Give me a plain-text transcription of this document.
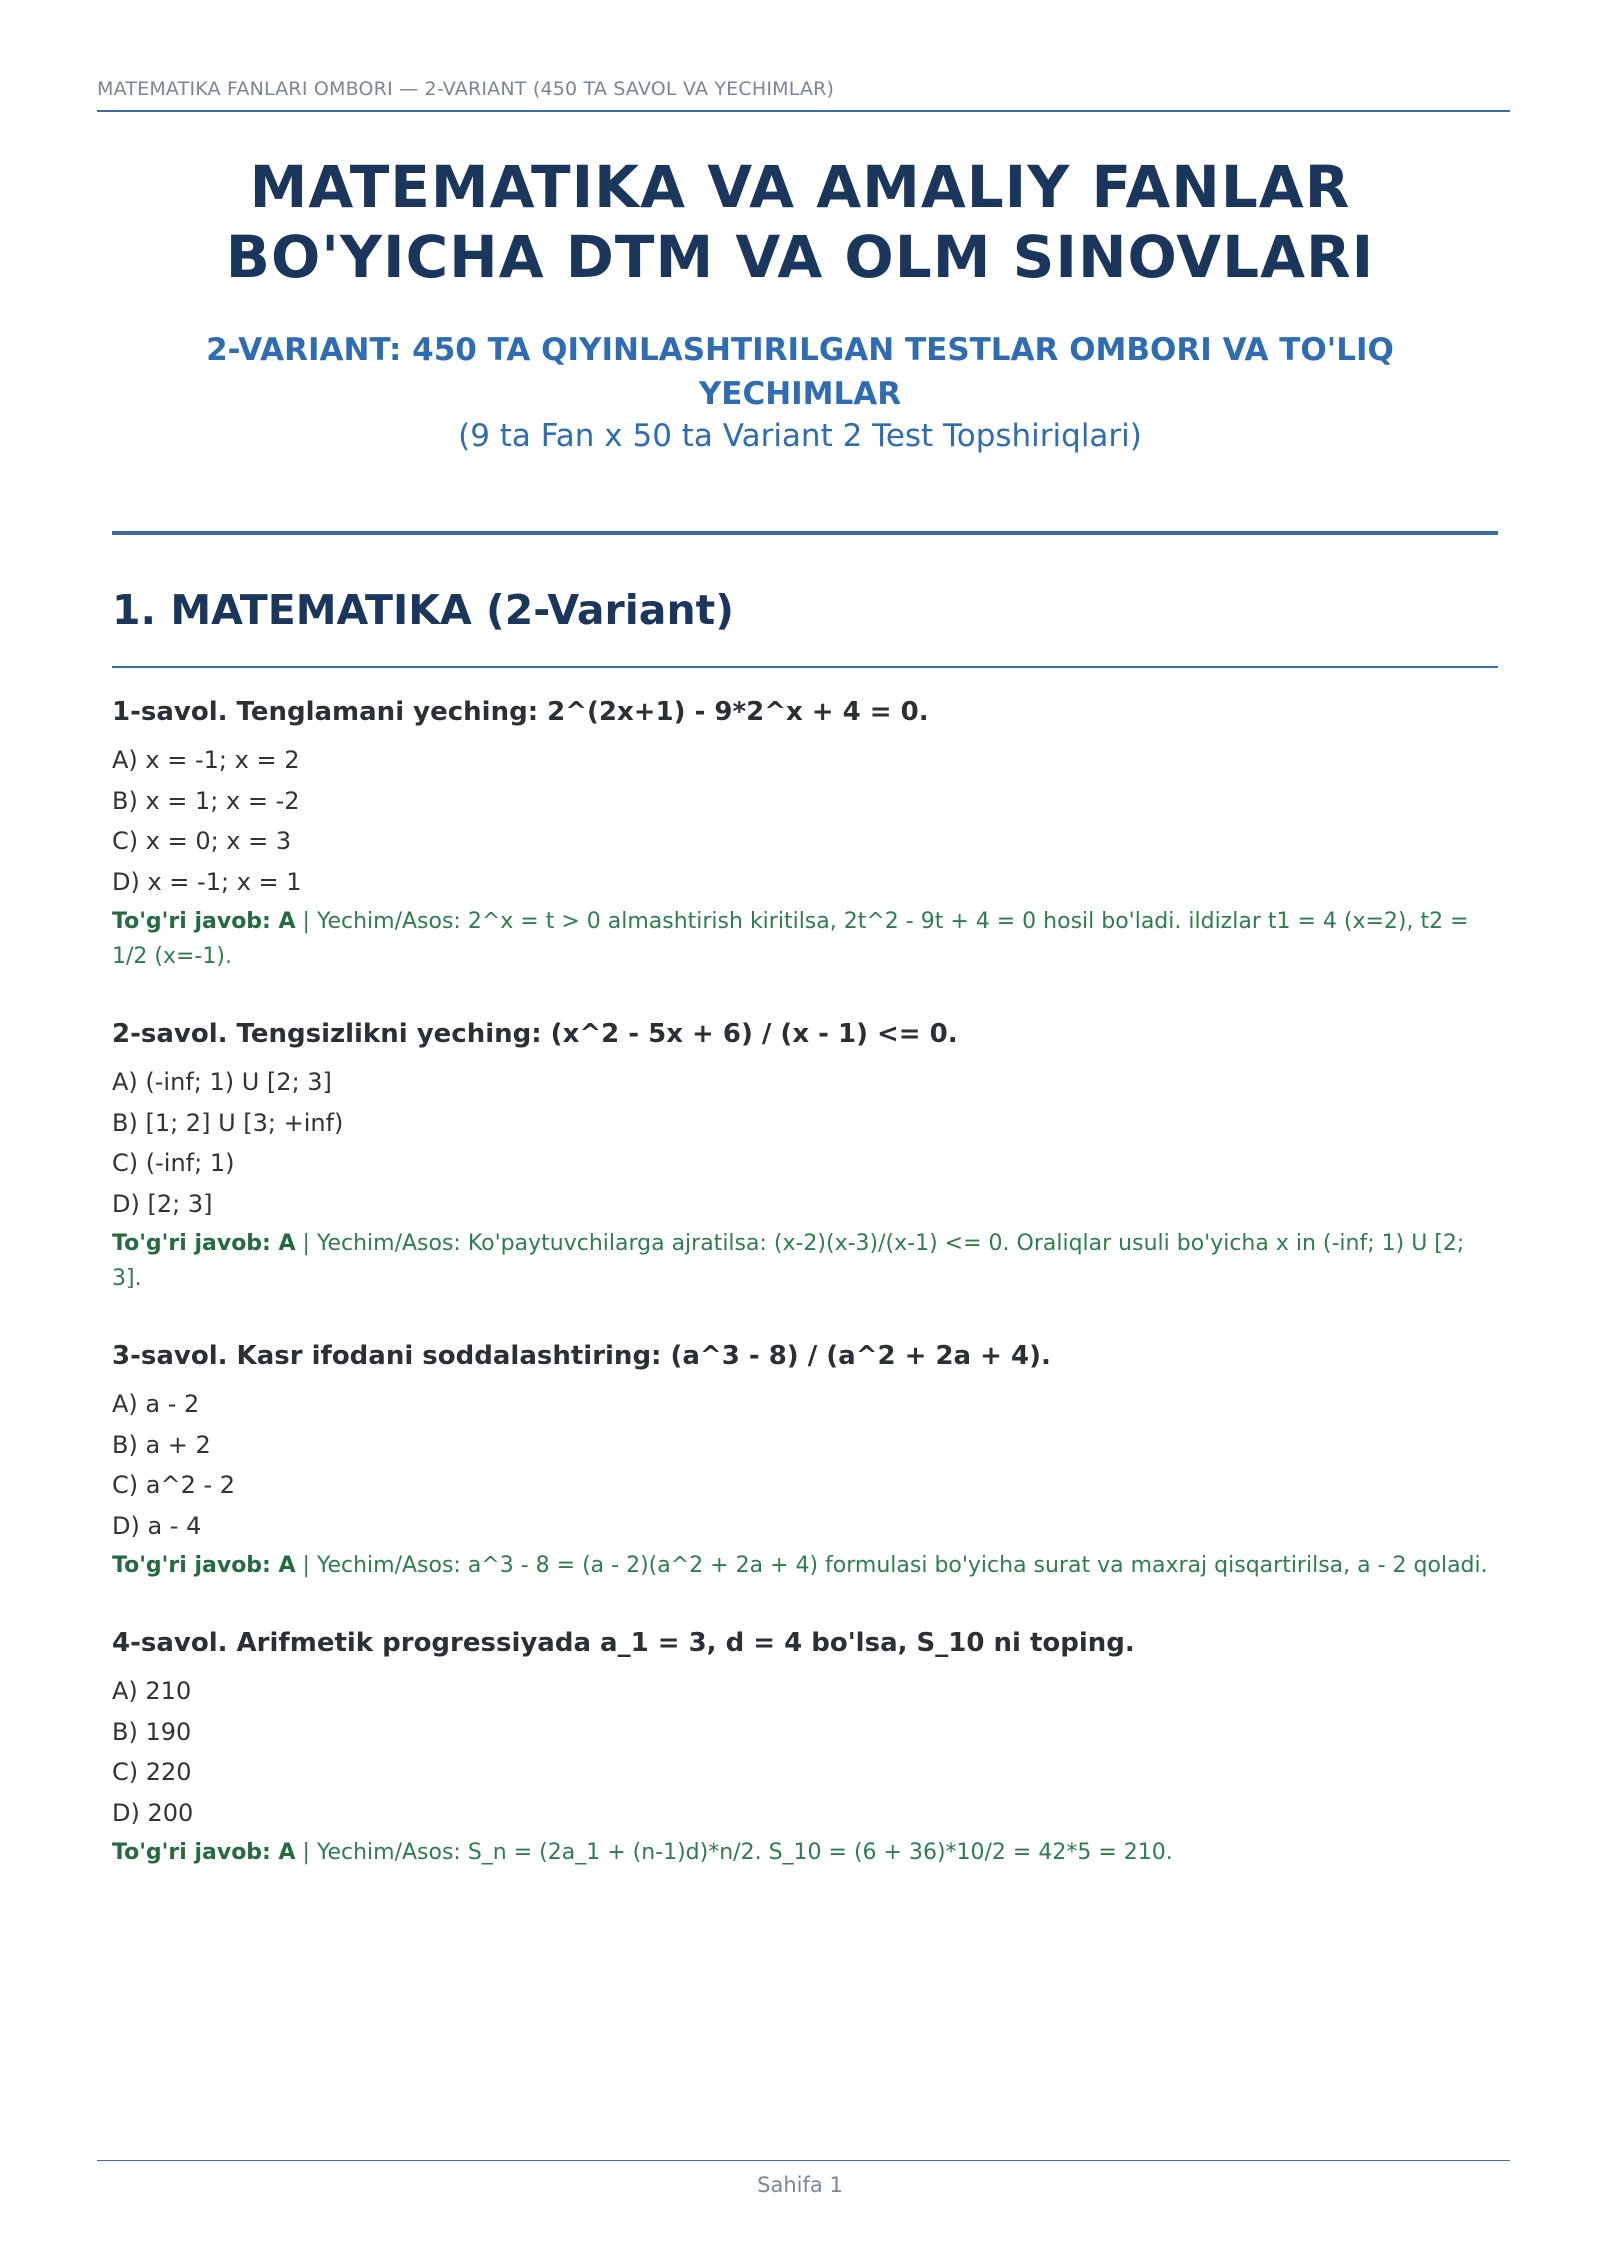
MATEMATIKA FANLARI OMBORI — 2-VARIANT (450 TA SAVOL VA YECHIMLAR)
MATEMATIKA VA AMALIY FANLAR
BO'YICHA DTM VA OLM SINOVLARI
2-VARIANT: 450 TA QIYINLASHTIRILGAN TESTLAR OMBORI VA TO'LIQ YECHIMLAR
(9 ta Fan x 50 ta Variant 2 Test Topshiriqlari)
1. MATEMATIKA (2-Variant)
1-savol. Tenglamani yeching: 2^(2x+1) - 9*2^x + 4 = 0.
A) x = -1; x = 2
B) x = 1; x = -2
C) x = 0; x = 3
D) x = -1; x = 1
To'g'ri javob: A | Yechim/Asos: 2^x = t > 0 almashtirish kiritilsa, 2t^2 - 9t + 4 = 0 hosil bo'ladi. ildizlar t1 = 4 (x=2), t2 = 1/2 (x=-1).
2-savol. Tengsizlikni yeching: (x^2 - 5x + 6) / (x - 1) <= 0.
A) (-inf; 1) U [2; 3]
B) [1; 2] U [3; +inf)
C) (-inf; 1)
D) [2; 3]
To'g'ri javob: A | Yechim/Asos: Ko'paytuvchilarga ajratilsa: (x-2)(x-3)/(x-1) <= 0. Oraliqlar usuli bo'yicha x in (-inf; 1) U [2; 3].
3-savol. Kasr ifodani soddalashtiring: (a^3 - 8) / (a^2 + 2a + 4).
A) a - 2
B) a + 2
C) a^2 - 2
D) a - 4
To'g'ri javob: A | Yechim/Asos: a^3 - 8 = (a - 2)(a^2 + 2a + 4) formulasi bo'yicha surat va maxraj qisqartirilsa, a - 2 qoladi.
4-savol. Arifmetik progressiyada a_1 = 3, d = 4 bo'lsa, S_10 ni toping.
A) 210
B) 190
C) 220
D) 200
To'g'ri javob: A | Yechim/Asos: S_n = (2a_1 + (n-1)d)*n/2. S_10 = (6 + 36)*10/2 = 42*5 = 210.
Sahifa 1
